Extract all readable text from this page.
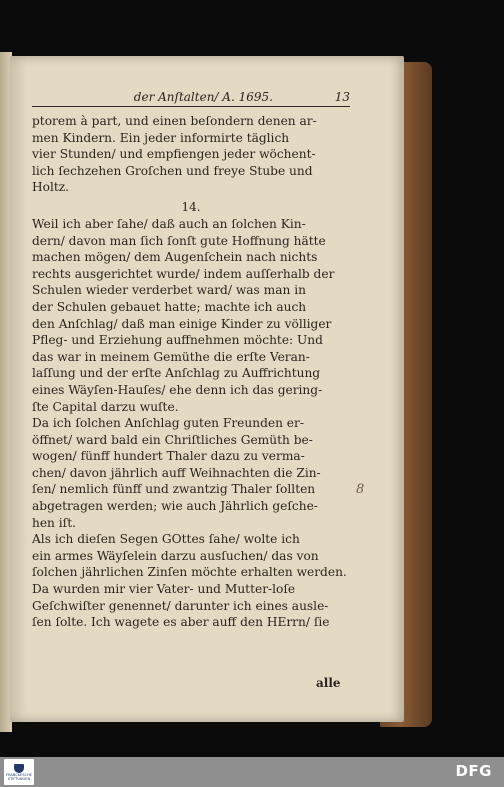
der Anſtalten/ A. 1695.	13
ptorem à part, und einen beſondern denen ar-
men Kindern. Ein jeder informirte täglich
vier Stunden/ und empfiengen jeder wöchent-
lich ſechzehen Groſchen und freye Stube und
Holtz.
14.
Weil ich aber ſahe/ daß auch an ſolchen Kin-
dern/ davon man ſich ſonſt gute Hoffnung hätte
machen mögen/ dem Augenſchein nach nichts
rechts ausgerichtet wurde/ indem auſſerhalb der
Schulen wieder verderbet ward/ was man in
der Schulen gebauet hatte; machte ich auch
den Anſchlag/ daß man einige Kinder zu völliger
Pfleg- und Erziehung auffnehmen möchte: Und
das war in meinem Gemüthe die erſte Veran-
laſſung und der erſte Anſchlag zu Auffrichtung
eines Wäyſen-Hauſes/ ehe denn ich das gering-
ſte Capital darzu wuſte.
Da ich ſolchen Anſchlag guten Freunden er-
öffnet/ ward bald ein Chriſtliches Gemüth be-
wogen/ fünff hundert Thaler dazu zu verma-
chen/ davon jährlich auff Weihnachten die Zin-
ſen/ nemlich fünff und zwantzig Thaler ſollten
abgetragen werden; wie auch Jährlich geſche-
hen iſt.
Als ich dieſen Segen GOttes ſahe/ wolte ich
ein armes Wäyſelein darzu ausſuchen/ das von
ſolchen jährlichen Zinſen möchte erhalten werden.
Da wurden mir vier Vater- und Mutter-loſe
Geſchwiſter genennet/ darunter ich eines ausle-
ſen ſolte. Ich wagete es aber auff den HErrn/ ſie
alle
8
FRANCKESCHE STIFTUNGEN	DFG
